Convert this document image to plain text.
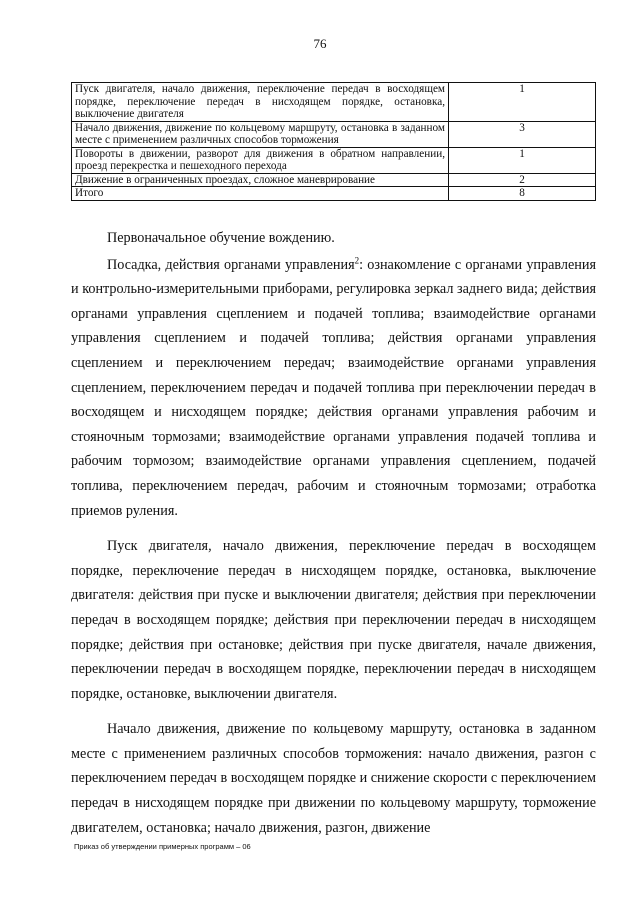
76
Пуск двигателя, начало движения, переключение передач в восходящем порядке, переключение передач в нисходящем порядке, остановка, выключение двигателя	1
Начало движения, движение по кольцевому маршруту, остановка в заданном месте с применением различных способов торможения	3
Повороты в движении, разворот для движения в обратном направлении, проезд перекрестка и пешеходного перехода	1
Движение в ограниченных проездах, сложное маневрирование	2
Итого	8

Первоначальное обучение вождению.

Посадка, действия органами управления$^2$: ознакомление с органами управления и контрольно-измерительными приборами, регулировка зеркал заднего вида; действия органами управления сцеплением и подачей топлива; взаимодействие органами управления сцеплением и подачей топлива; действия органами управления сцеплением и переключением передач; взаимодействие органами управления сцеплением, переключением передач и подачей топлива при переключении передач в восходящем и нисходящем порядке; действия органами управления рабочим и стояночным тормозами; взаимодействие органами управления подачей топлива и рабочим тормозом; взаимодействие органами управления сцеплением, подачей топлива, переключением передач, рабочим и стояночным тормозами; отработка приемов руления.

Пуск двигателя, начало движения, переключение передач в восходящем порядке, переключение передач в нисходящем порядке, остановка, выключение двигателя: действия при пуске и выключении двигателя; действия при переключении передач в восходящем порядке; действия при переключении передач в нисходящем порядке; действия при остановке; действия при пуске двигателя, начале движения, переключении передач в восходящем порядке, переключении передач в нисходящем порядке, остановке, выключении двигателя.

Начало движения, движение по кольцевому маршруту, остановка в заданном месте с применением различных способов торможения: начало движения, разгон с переключением передач в восходящем порядке и снижение скорости с переключением передач в нисходящем порядке при движении по кольцевому маршруту, торможение двигателем, остановка; начало движения, разгон, движение

Приказ об утверждении примерных программ – 06
